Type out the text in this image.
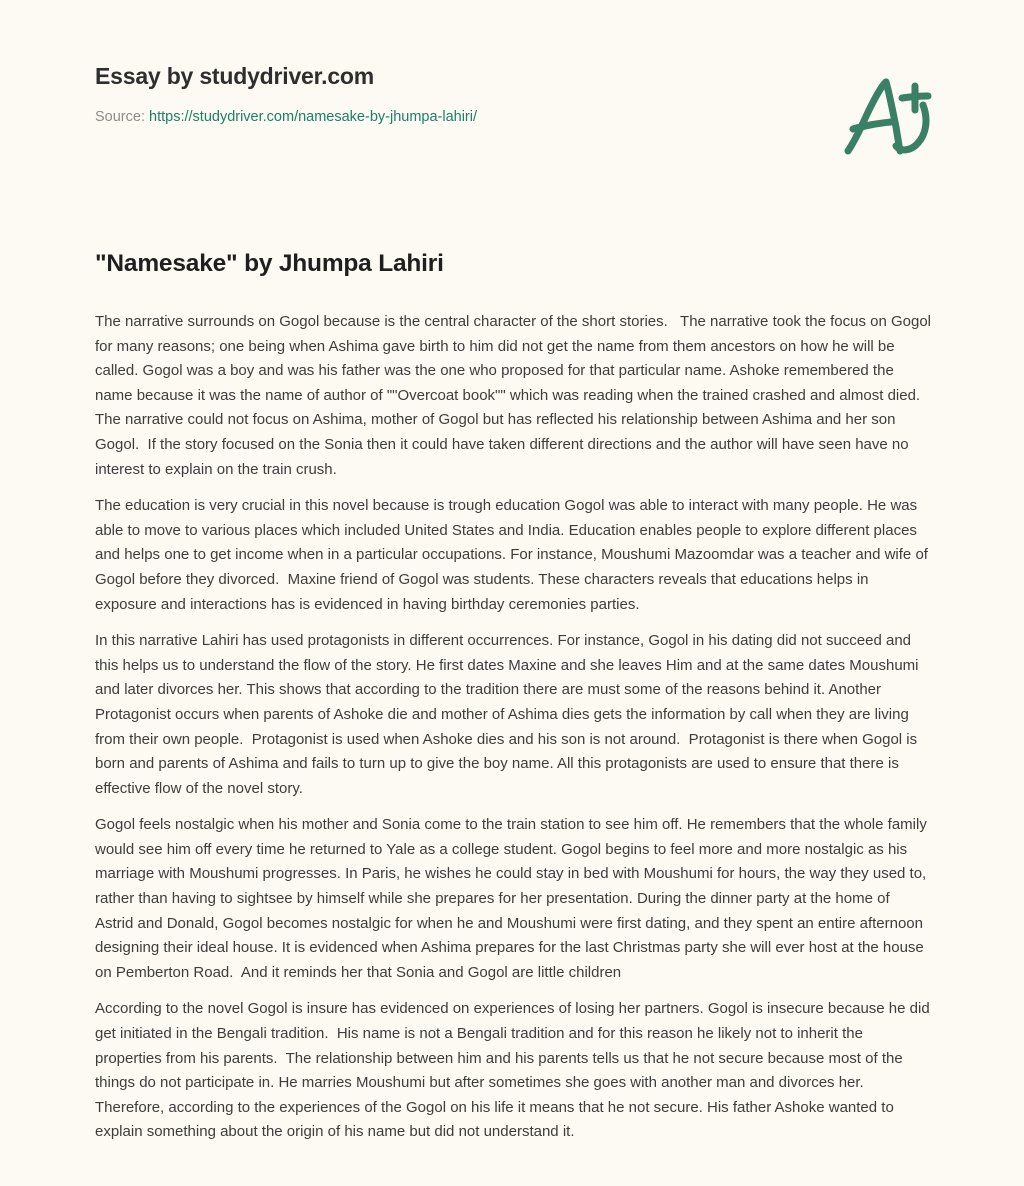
Essay by studydriver.com
Source: https://studydriver.com/namesake-by-jhumpa-lahiri/
"Namesake" by Jhumpa Lahiri

The narrative surrounds on Gogol because is the central character of the short stories.   The narrative took the focus on Gogol for many reasons; one being when Ashima gave birth to him did not get the name from them ancestors on how he will be called. Gogol was a boy and was his father was the one who proposed for that particular name. Ashoke remembered the name because it was the name of author of ""Overcoat book"" which was reading when the trained crashed and almost died.   The narrative could not focus on Ashima, mother of Gogol but has reflected his relationship between Ashima and her son Gogol.  If the story focused on the Sonia then it could have taken different directions and the author will have seen have no interest to explain on the train crush.

The education is very crucial in this novel because is trough education Gogol was able to interact with many people. He was able to move to various places which included United States and India. Education enables people to explore different places and helps one to get income when in a particular occupations. For instance, Moushumi Mazoomdar was a teacher and wife of Gogol before they divorced.  Maxine friend of Gogol was students. These characters reveals that educations helps in exposure and interactions has is evidenced in having birthday ceremonies parties.

In this narrative Lahiri has used protagonists in different occurrences. For instance, Gogol in his dating did not succeed and this helps us to understand the flow of the story. He first dates Maxine and she leaves Him and at the same dates Moushumi and later divorces her. This shows that according to the tradition there are must some of the reasons behind it. Another Protagonist occurs when parents of Ashoke die and mother of Ashima dies gets the information by call when they are living from their own people.  Protagonist is used when Ashoke dies and his son is not around.  Protagonist is there when Gogol is born and parents of Ashima and fails to turn up to give the boy name. All this protagonists are used to ensure that there is effective flow of the novel story.

Gogol feels nostalgic when his mother and Sonia come to the train station to see him off. He remembers that the whole family would see him off every time he returned to Yale as a college student. Gogol begins to feel more and more nostalgic as his marriage with Moushumi progresses. In Paris, he wishes he could stay in bed with Moushumi for hours, the way they used to, rather than having to sightsee by himself while she prepares for her presentation. During the dinner party at the home of Astrid and Donald, Gogol becomes nostalgic for when he and Moushumi were first dating, and they spent an entire afternoon designing their ideal house. It is evidenced when Ashima prepares for the last Christmas party she will ever host at the house on Pemberton Road.  And it reminds her that Sonia and Gogol are little children

According to the novel Gogol is insure has evidenced on experiences of losing her partners. Gogol is insecure because he did get initiated in the Bengali tradition.  His name is not a Bengali tradition and for this reason he likely not to inherit the properties from his parents.  The relationship between him and his parents tells us that he not secure because most of the things do not participate in. He marries Moushumi but after sometimes she goes with another man and divorces her. Therefore, according to the experiences of the Gogol on his life it means that he not secure. His father Ashoke wanted to explain something about the origin of his name but did not understand it.
